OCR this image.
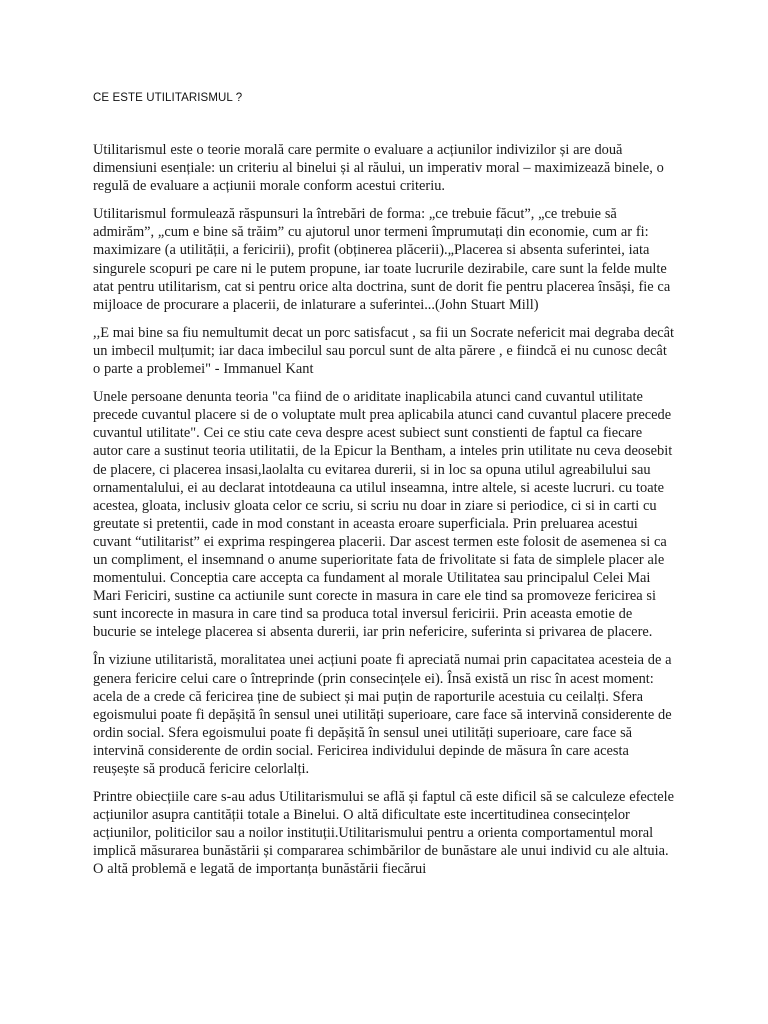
CE ESTE UTILITARISMUL ?

Utilitarismul este o teorie morală care permite o evaluare a acțiunilor indivizilor și are două dimensiuni esențiale: un criteriu al binelui și al răului, un imperativ moral – maximizează binele, o regulă de evaluare a acțiunii morale conform acestui criteriu.

Utilitarismul formulează răspunsuri la întrebări de forma: „ce trebuie făcut”, „ce trebuie să admirăm”, „cum e bine să trăim” cu ajutorul unor termeni împrumutați din economie, cum ar fi: maximizare (a utilității, a fericirii), profit (obținerea plăcerii).„Placerea si absenta suferintei, iata singurele scopuri pe care ni le putem propune, iar toate lucrurile dezirabile, care sunt la felde multe atat pentru utilitarism, cat si pentru orice alta doctrina, sunt de dorit fie pentru placerea însăși, fie ca mijloace de procurare a placerii, de inlaturare a suferintei...(John Stuart Mill)

,,E mai bine sa fiu nemultumit decat un porc satisfacut , sa fii un Socrate nefericit mai degraba decât un imbecil mulțumit; iar daca imbecilul sau porcul sunt de alta părere , e fiindcă ei nu cunosc decât o parte a problemei" - Immanuel Kant

Unele persoane denunta teoria "ca fiind de o ariditate inaplicabila atunci cand cuvantul utilitate precede cuvantul placere si de o voluptate mult prea aplicabila atunci cand cuvantul placere precede cuvantul utilitate". Cei ce stiu cate ceva despre acest subiect sunt constienti de faptul ca fiecare autor care a sustinut teoria utilitatii, de la Epicur la Bentham, a inteles prin utilitate nu ceva deosebit de placere, ci placerea insasi,laolalta cu evitarea durerii, si in loc sa opuna utilul agreabilului sau ornamentalului, ei au declarat intotdeauna ca utilul inseamna, intre altele, si aceste lucruri. cu toate acestea, gloata, inclusiv gloata celor ce scriu, si scriu nu doar in ziare si periodice, ci si in carti cu greutate si pretentii, cade in mod constant in aceasta eroare superficiala. Prin preluarea acestui cuvant “utilitarist” ei exprima respingerea placerii. Dar ascest termen este folosit de asemenea si ca un compliment, el insemnand o anume superioritate fata de frivolitate si fata de simplele placer ale momentului. Conceptia care accepta ca fundament al morale Utilitatea sau principalul Celei Mai Mari Fericiri, sustine ca actiunile sunt corecte in masura in care ele tind sa promoveze fericirea si sunt incorecte in masura in care tind sa produca total inversul fericirii. Prin aceasta emotie de bucurie se intelege placerea si absenta durerii, iar prin nefericire, suferinta si privarea de placere.

În viziune utilitaristă, moralitatea unei acțiuni poate fi apreciată numai prin capacitatea acesteia de a genera fericire celui care o întreprinde (prin consecințele ei). Însă există un risc în acest moment: acela de a crede că fericirea ține de subiect și mai puțin de raporturile acestuia cu ceilalți. Sfera egoismului poate fi depășită în sensul unei utilități superioare, care face să intervină considerente de ordin social. Sfera egoismului poate fi depășită în sensul unei utilități superioare, care face să intervină considerente de ordin social. Fericirea individului depinde de măsura în care acesta reușește să producă fericire celorlalți.

Printre obiecțiile care s-au adus Utilitarismului se află și faptul că este dificil să se calculeze efectele acțiunilor asupra cantității totale a Binelui. O altă dificultate este incertitudinea consecințelor acțiunilor, politicilor sau a noilor instituții.Utilitarismului pentru a orienta comportamentul moral implică măsurarea bunăstării și compararea schimbărilor de bunăstare ale unui individ cu ale altuia. O altă problemă e legată de importanța bunăstării fiecărui
